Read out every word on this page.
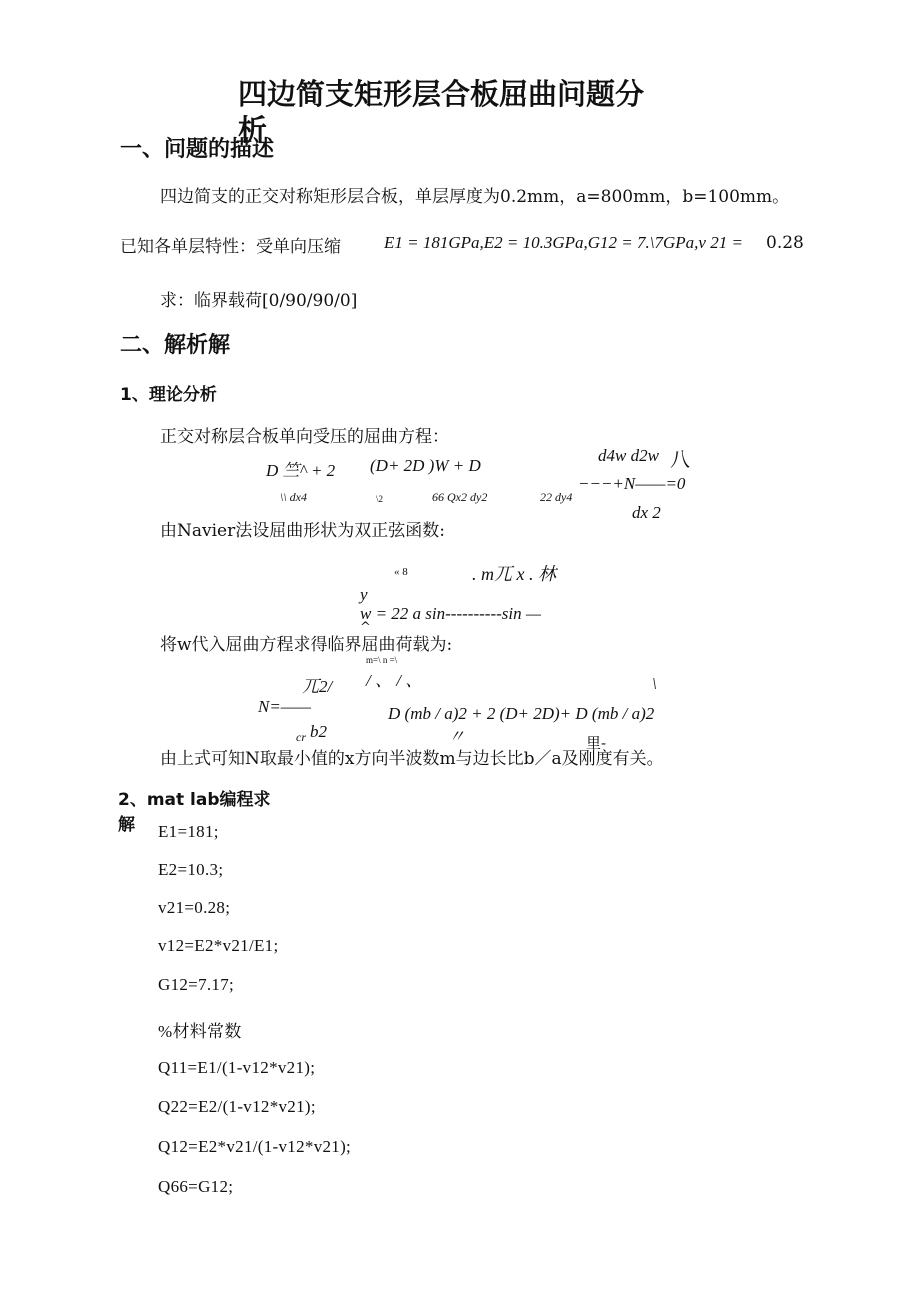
四边简支矩形层合板屈曲问题分
析
一、问题的描述
四边简支的正交对称矩形层合板，单层厚度为0.2mm，a=800mm，b=100mm。
已知各单层特性：受单向压缩	E1 = 181GPa,E2 = 10.3GPa,G12 = 7.\7GPa,v 21 = 0.28
求：临界载荷[0/90/90/0]
二、解析解
1、理论分析
正交对称层合板单向受压的屈曲方程：
d4w d2w 八
D 竺^ + 2 (D+ 2D )W + D
−−−+N——=0
\\ dx4	\2	66 Qx2 dy2	22 dy4
dx 2
由Navier法设屈曲形状为双正弦函数:
« 8	. m兀 x . 林
y
w = 22 a sin----------sin —
^
将w代入屈曲方程求得临界屈曲荷载为:
m=\ n =\
兀2/ / 、 / 、	\
N=——	D (mb / a)2 + 2 (D+ 2D)+ D (mb / a)2
cr b2	〃	里-
由上式可知N取最小值的x方向半波数m与边长比b／a及刚度有关。
2、mat lab编程求
解 E1=181;
E2=10.3;
v21=0.28;
v12=E2*v21/E1;
G12=7.17;
%材料常数
Q11=E1/(1-v12*v21);
Q22=E2/(1-v12*v21);
Q12=E2*v21/(1-v12*v21);
Q66=G12;
